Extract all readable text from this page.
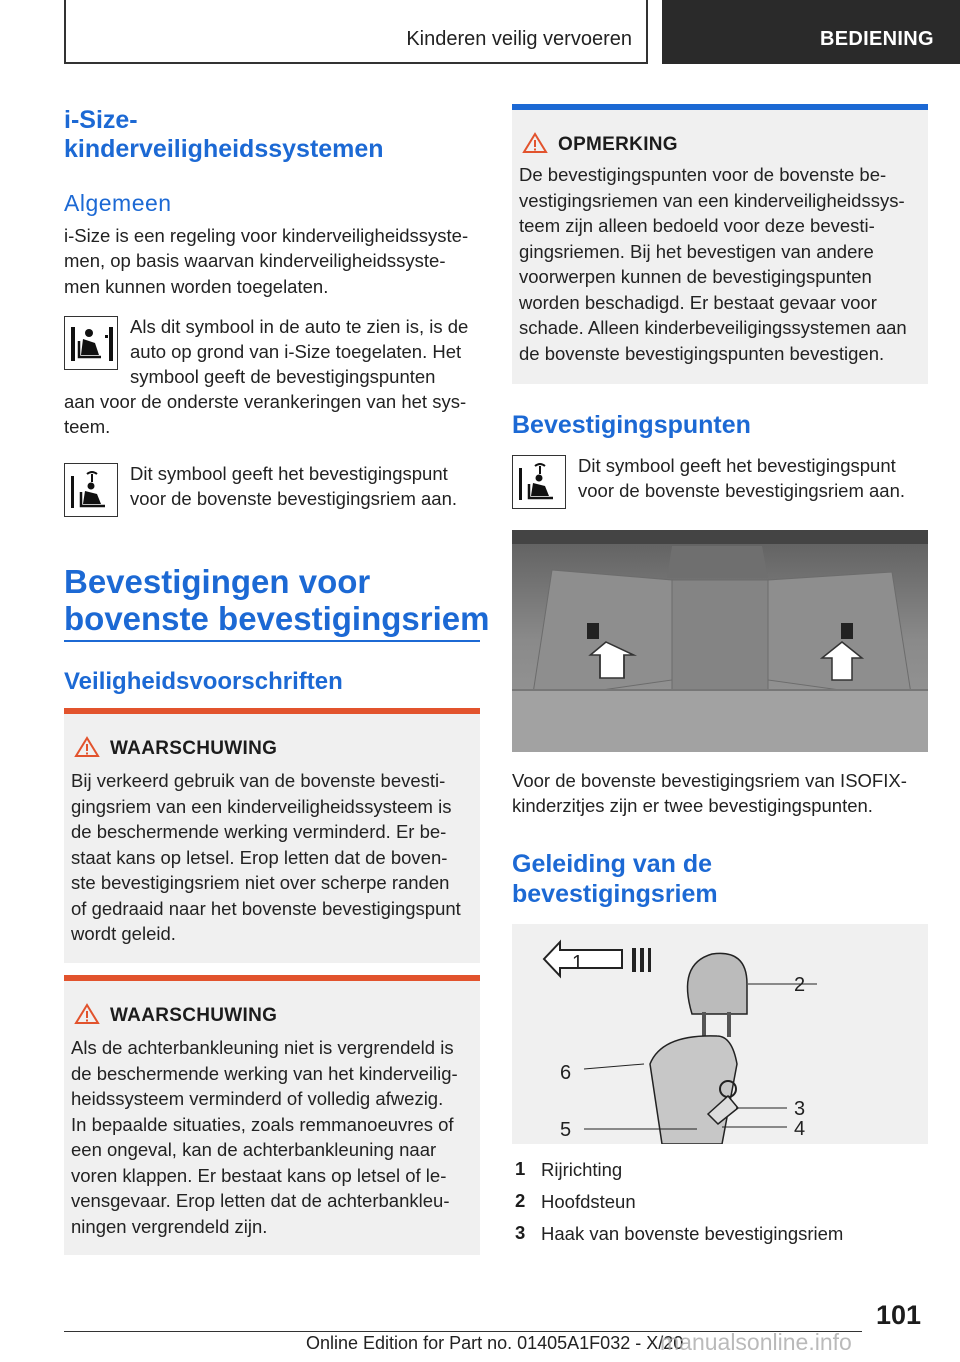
Kinderen veilig vervoeren	BEDIENING
i-Size-
kinderveiligheidssystemen
Algemeen
i-Size is een regeling voor kinderveiligheidssyste-
men, op basis waarvan kinderveiligheidssyste-
men kunnen worden toegelaten.
Als dit symbool in de auto te zien is, is de
auto op grond van i-Size toegelaten. Het
symbool geeft de bevestigingspunten
aan voor de onderste verankeringen van het sys-
teem.
Dit symbool geeft het bevestigingspunt
voor de bovenste bevestigingsriem aan.
Bevestigingen voor
bovenste bevestigingsriem
Veiligheidsvoorschriften
WAARSCHUWING
Bij verkeerd gebruik van de bovenste bevesti-
gingsriem van een kinderveiligheidssysteem is
de beschermende werking verminderd. Er be-
staat kans op letsel. Erop letten dat de boven-
ste bevestigingsriem niet over scherpe randen
of gedraaid naar het bovenste bevestigingspunt
wordt geleid.
WAARSCHUWING
Als de achterbankleuning niet is vergrendeld is
de beschermende werking van het kinderveilig-
heidssysteem verminderd of volledig afwezig.
In bepaalde situaties, zoals remmanoeuvres of
een ongeval, kan de achterbankleuning naar
voren klappen. Er bestaat kans op letsel of le-
vensgevaar. Erop letten dat de achterbankleu-
ningen vergrendeld zijn.
OPMERKING
De bevestigingspunten voor de bovenste be-
vestigingsriemen van een kinderveiligheidssys-
teem zijn alleen bedoeld voor deze bevesti-
gingsriemen. Bij het bevestigen van andere
voorwerpen kunnen de bevestigingspunten
worden beschadigd. Er bestaat gevaar voor
schade. Alleen kinderbeveiligingssystemen aan
de bovenste bevestigingspunten bevestigen.
Bevestigingspunten
Dit symbool geeft het bevestigingspunt
voor de bovenste bevestigingsriem aan.
Voor de bovenste bevestigingsriem van ISOFIX-
kinderzitjes zijn er twee bevestigingspunten.
Geleiding van de
bevestigingsriem
1
2
3
4
5
6
1 Rijrichting
2 Hoofdsteun
3 Haak van bovenste bevestigingsriem
101
Online Edition for Part no. 01405A1F032 - X/20
manualsonline.info
